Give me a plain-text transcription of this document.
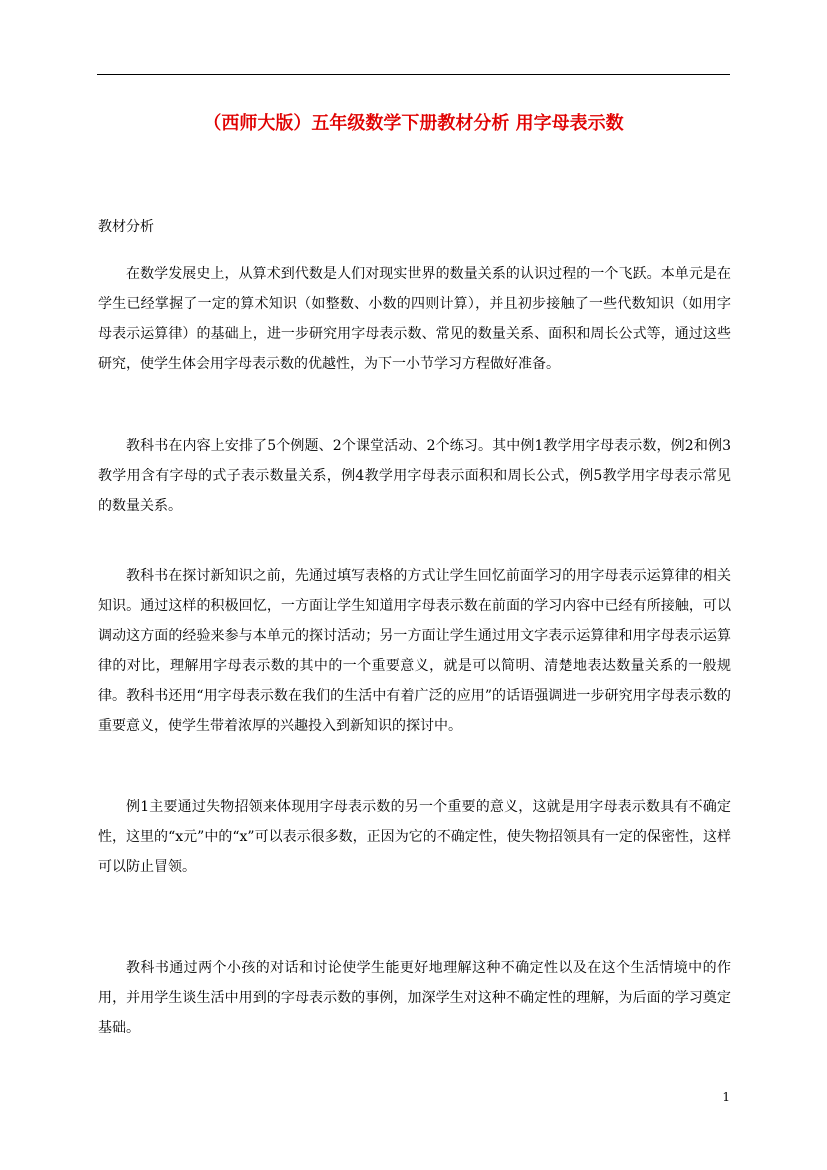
（西师大版）五年级数学下册教材分析 用字母表示数

教材分析

在数学发展史上，从算术到代数是人们对现实世界的数量关系的认识过程的一个飞跃。本单元是在学生已经掌握了一定的算术知识（如整数、小数的四则计算），并且初步接触了一些代数知识（如用字母表示运算律）的基础上，进一步研究用字母表示数、常见的数量关系、面积和周长公式等，通过这些研究，使学生体会用字母表示数的优越性，为下一小节学习方程做好准备。

教科书在内容上安排了5个例题、2个课堂活动、2个练习。其中例1教学用字母表示数，例2和例3教学用含有字母的式子表示数量关系，例4教学用字母表示面积和周长公式，例5教学用字母表示常见的数量关系。

教科书在探讨新知识之前，先通过填写表格的方式让学生回忆前面学习的用字母表示运算律的相关知识。通过这样的积极回忆，一方面让学生知道用字母表示数在前面的学习内容中已经有所接触，可以调动这方面的经验来参与本单元的探讨活动；另一方面让学生通过用文字表示运算律和用字母表示运算律的对比，理解用字母表示数的其中的一个重要意义，就是可以简明、清楚地表达数量关系的一般规律。教科书还用“用字母表示数在我们的生活中有着广泛的应用”的话语强调进一步研究用字母表示数的重要意义，使学生带着浓厚的兴趣投入到新知识的探讨中。

例1主要通过失物招领来体现用字母表示数的另一个重要的意义，这就是用字母表示数具有不确定性，这里的“x元”中的“x”可以表示很多数，正因为它的不确定性，使失物招领具有一定的保密性，这样可以防止冒领。

教科书通过两个小孩的对话和讨论使学生能更好地理解这种不确定性以及在这个生活情境中的作用，并用学生谈生活中用到的字母表示数的事例，加深学生对这种不确定性的理解，为后面的学习奠定基础。

1
